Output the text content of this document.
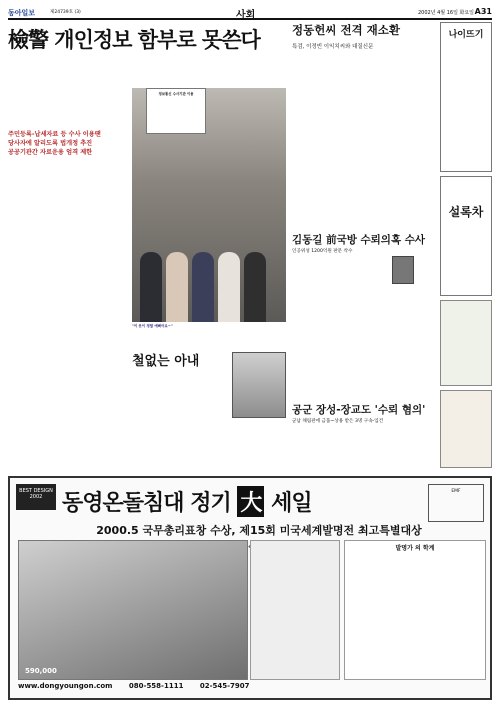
동아일보	제24739호 (3)	사회	2002년 4월 16일 화요일 A31
檢警 개인정보 함부로 못쓴다
주민등록-납세자료 등 수사 이용땐
당사자에 알리도록 법개정 추진
공공기관간 자료운용 엄격 제한
정보통신 수사기관 이용
"이 옷이 정말 예뻐어요~"
정동헌씨 전격 재소환
특검, 이정빈 이익치씨와 대질신문
나이뜨기
설록차
김동길 前국방 수뢰의혹 수사
인공위성 1200억원 판문 착수
철없는 아내
공군 장성-장교도 '수뢰 혐의'
군납 채림관에 금품~상용 받은 3명 구속-입건
BEST DESIGN 2002 동영온돌침대 정기 大 세일	EMF
2000.5 국무총리표창 수상, 제15회 미국세계발명전 최고특별대상
590,000
발명가 의 학계
www.dongyoungon.com 080-558-1111 02-545-7907
